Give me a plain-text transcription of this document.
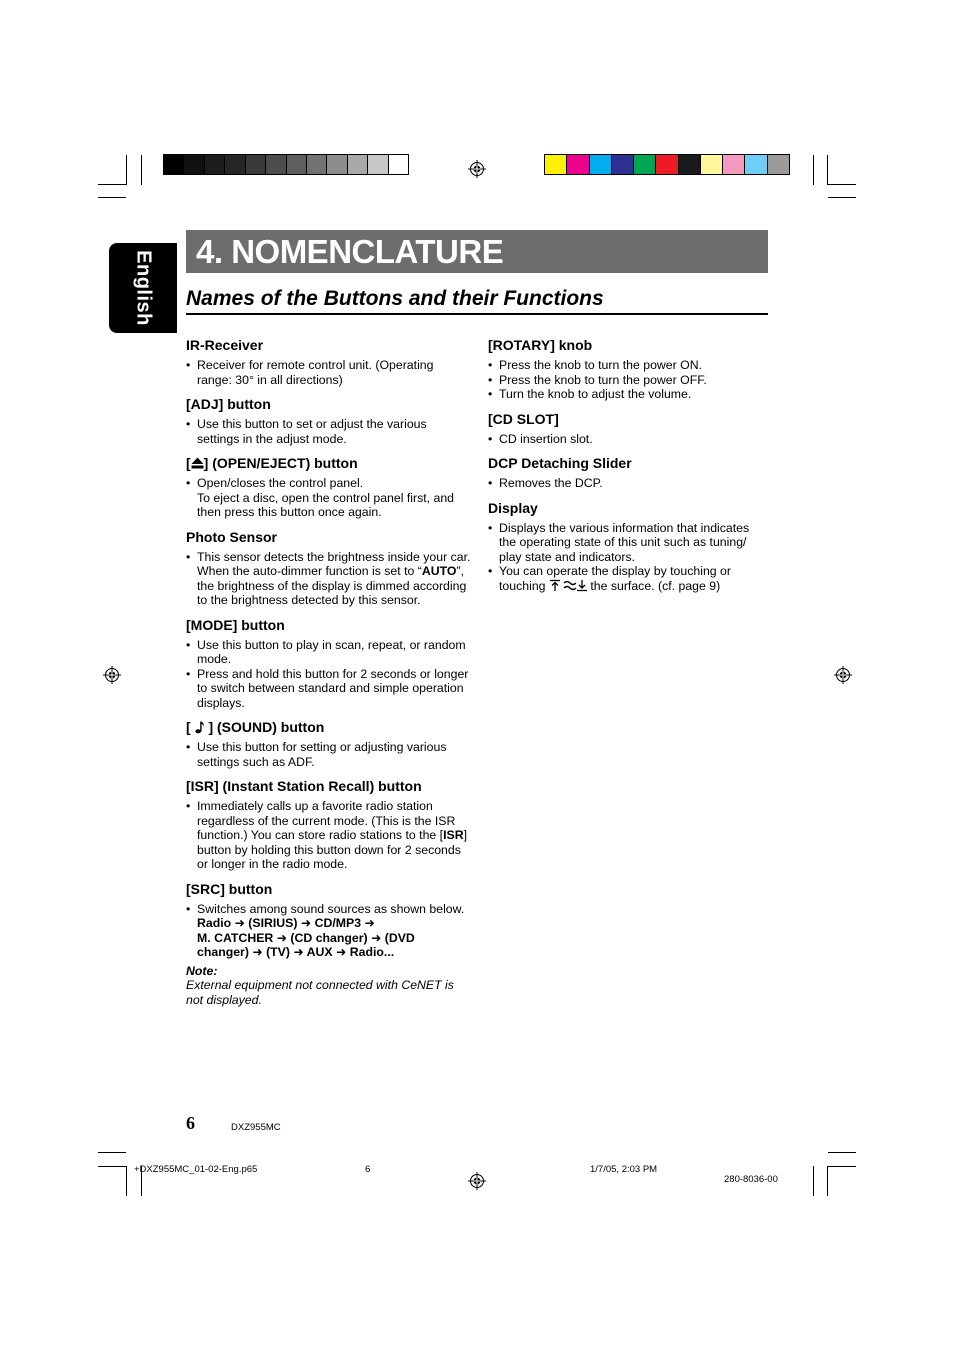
English 4. NOMENCLATURE
Names of the Buttons and their Functions
IR-Receiver
• Receiver for remote control unit. (Operating range: 30° in all directions)
[ADJ] button
• Use this button to set or adjust the various settings in the adjust mode.
[ ] (OPEN/EJECT) button
• Open/closes the control panel.
To eject a disc, open the control panel first, and then press this button once again.
Photo Sensor
• This sensor detects the brightness inside your car. When the auto-dimmer function is set to “AUTO”, the brightness of the display is dimmed according to the brightness detected by this sensor.
[MODE] button
• Use this button to play in scan, repeat, or random mode.
• Press and hold this button for 2 seconds or longer to switch between standard and simple operation displays.
[  ] (SOUND) button
• Use this button for setting or adjusting various settings such as ADF.
[ISR] (Instant Station Recall) button
• Immediately calls up a favorite radio station regardless of the current mode. (This is the ISR function.) You can store radio stations to the [ISR] button by holding this button down for 2 seconds or longer in the radio mode.
[SRC] button
• Switches among sound sources as shown below.
Radio ➜ (SIRIUS) ➜ CD/MP3 ➜
M. CATCHER ➜ (CD changer) ➜ (DVD
changer) ➜ (TV) ➜ AUX ➜ Radio...
Note:
External equipment not connected with CeNET is
not displayed.
[ROTARY] knob
• Press the knob to turn the power ON.
• Press the knob to turn the power OFF.
• Turn the knob to adjust the volume.
[CD SLOT]
• CD insertion slot.
DCP Detaching Slider
• Removes the DCP.
Display
• Displays the various information that indicates the operating state of this unit such as tuning/ play state and indicators.
• You can operate the display by touching or touching	the surface. (cf. page 9)
6	DXZ955MC
+DXZ955MC_01-02-Eng.p65	6	1/7/05, 2:03 PM
280-8036-00
